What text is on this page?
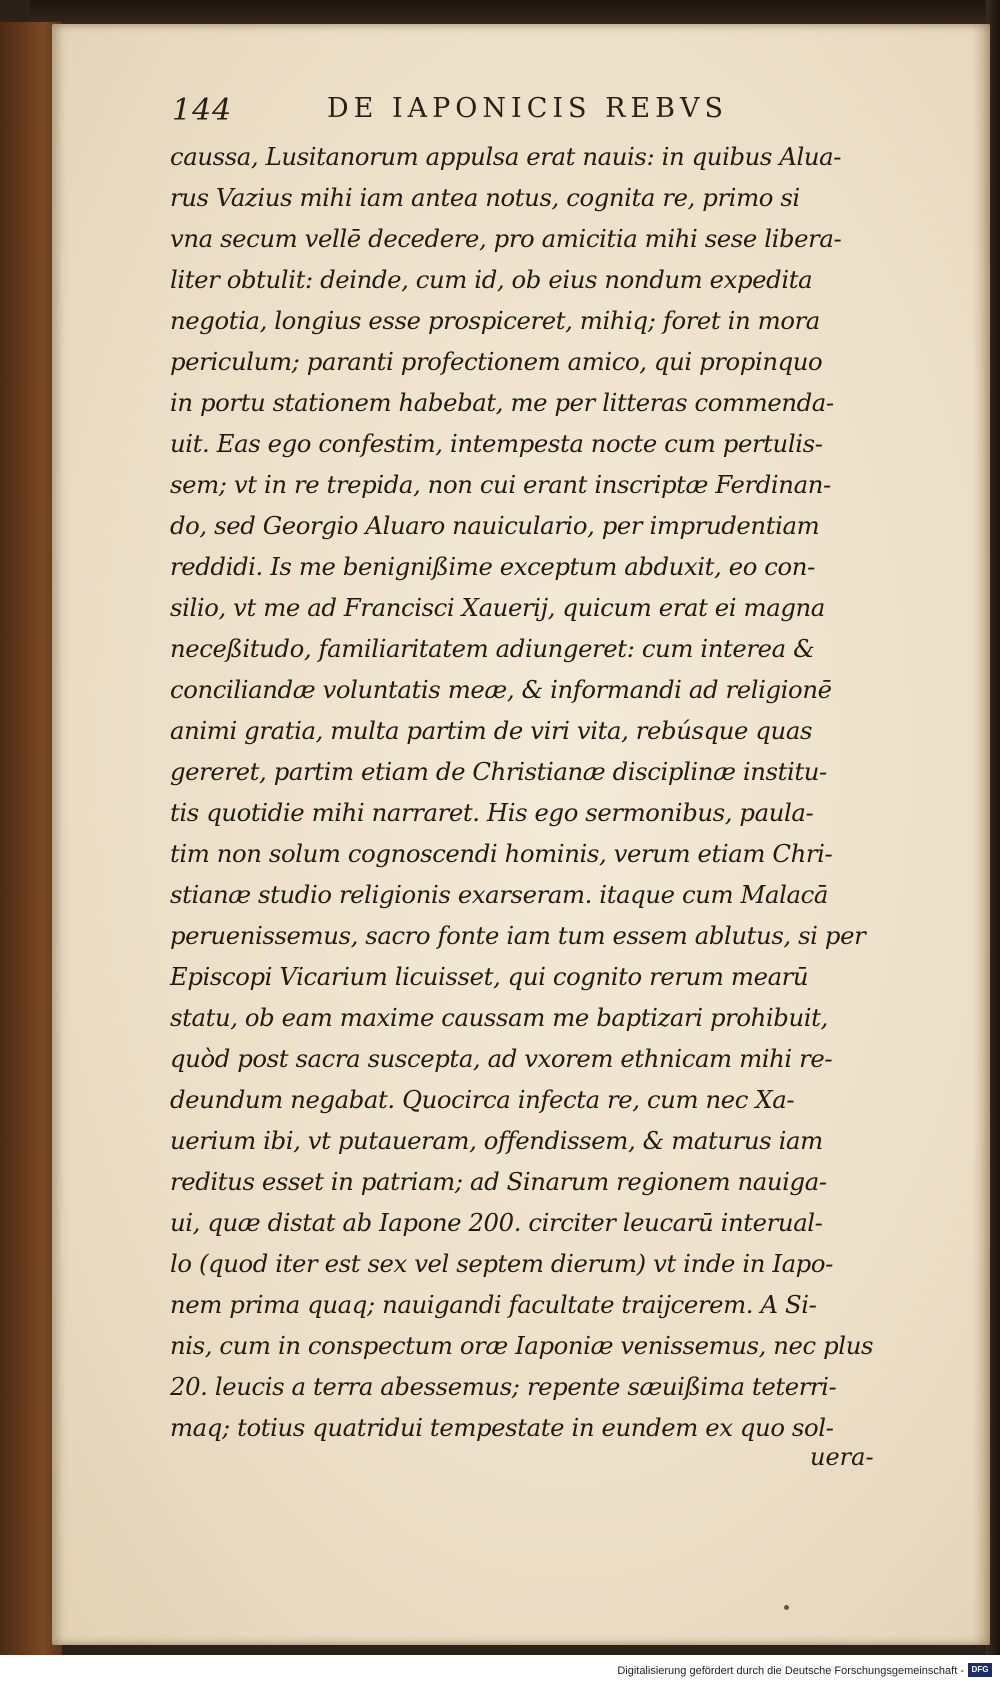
144	DE IAPONICIS REBVS
caussa, Lusitanorum appulsa erat nauis: in quibus Alua-
rus Vazius mihi iam antea notus, cognita re, primo si
vna secum vellē decedere, pro amicitia mihi sese libera-
liter obtulit: deinde, cum id, ob eius nondum expedita
negotia, longius esse prospiceret, mihiq; foret in mora
periculum; paranti profectionem amico, qui propinquo
in portu stationem habebat, me per litteras commenda-
uit. Eas ego confestim, intempesta nocte cum pertulis-
sem; vt in re trepida, non cui erant inscriptæ Ferdinan-
do, sed Georgio Aluaro nauiculario, per imprudentiam
reddidi. Is me benignißime exceptum abduxit, eo con-
silio, vt me ad Francisci Xauerij, quicum erat ei magna
neceßitudo, familiaritatem adiungeret: cum interea &
conciliandæ voluntatis meæ, & informandi ad religionē
animi gratia, multa partim de viri vita, rebúsque quas
gereret, partim etiam de Christianæ disciplinæ institu-
tis quotidie mihi narraret. His ego sermonibus, paula-
tim non solum cognoscendi hominis, verum etiam Chri-
stianæ studio religionis exarseram. itaque cum Malacā
peruenissemus, sacro fonte iam tum essem ablutus, si per
Episcopi Vicarium licuisset, qui cognito rerum mearū
statu, ob eam maxime caussam me baptizari prohibuit,
quòd post sacra suscepta, ad vxorem ethnicam mihi re-
deundum negabat. Quocirca infecta re, cum nec Xa-
uerium ibi, vt putaueram, offendissem, & maturus iam
reditus esset in patriam; ad Sinarum regionem nauiga-
ui, quæ distat ab Iapone 200. circiter leucarū interual-
lo (quod iter est sex vel septem dierum) vt inde in Iapo-
nem prima quaq; nauigandi facultate traijcerem. A Si-
nis, cum in conspectum oræ Iaponiæ venissemus, nec plus
20. leucis a terra abessemus; repente sæuißima teterri-
maq; totius quatridui tempestate in eundem ex quo sol-
uera-
Digitalisierung gefördert durch die Deutsche Forschungsgemeinschaft - DFG
